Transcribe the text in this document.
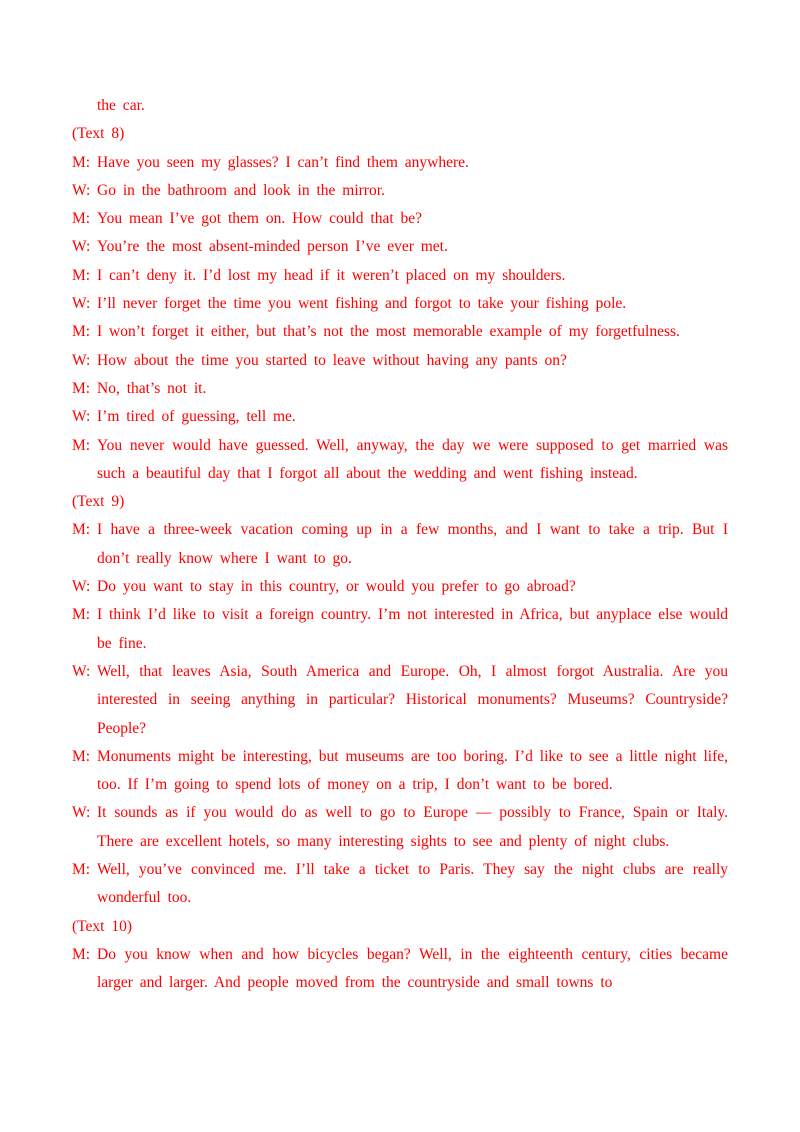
the car.

(Text 8)

M: Have you seen my glasses? I can’t find them anywhere.
W: Go in the bathroom and look in the mirror.
M: You mean I’ve got them on. How could that be?
W: You’re the most absent-minded person I’ve ever met.
M: I can’t deny it. I’d lost my head if it weren’t placed on my shoulders.
W: I’ll never forget the time you went fishing and forgot to take your fishing pole.
M: I won’t forget it either, but that’s not the most memorable example of my forgetfulness.
W: How about the time you started to leave without having any pants on?
M: No, that’s not it.
W: I’m tired of guessing, tell me.
M: You never would have guessed. Well, anyway, the day we were supposed to get married was such a beautiful day that I forgot all about the wedding and went fishing instead.

(Text 9)

M: I have a three-week vacation coming up in a few months, and I want to take a trip. But I don’t really know where I want to go.
W: Do you want to stay in this country, or would you prefer to go abroad?
M: I think I’d like to visit a foreign country. I’m not interested in Africa, but anyplace else would be fine.
W: Well, that leaves Asia, South America and Europe. Oh, I almost forgot Australia. Are you interested in seeing anything in particular? Historical monuments? Museums? Countryside? People?
M: Monuments might be interesting, but museums are too boring. I’d like to see a little night life, too. If I’m going to spend lots of money on a trip, I don’t want to be bored.
W: It sounds as if you would do as well to go to Europe — possibly to France, Spain or Italy. There are excellent hotels, so many interesting sights to see and plenty of night clubs.
M: Well, you’ve convinced me. I’ll take a ticket to Paris. They say the night clubs are really wonderful too.

(Text 10)

M: Do you know when and how bicycles began? Well, in the eighteenth century, cities became larger and larger. And people moved from the countryside and small towns to
